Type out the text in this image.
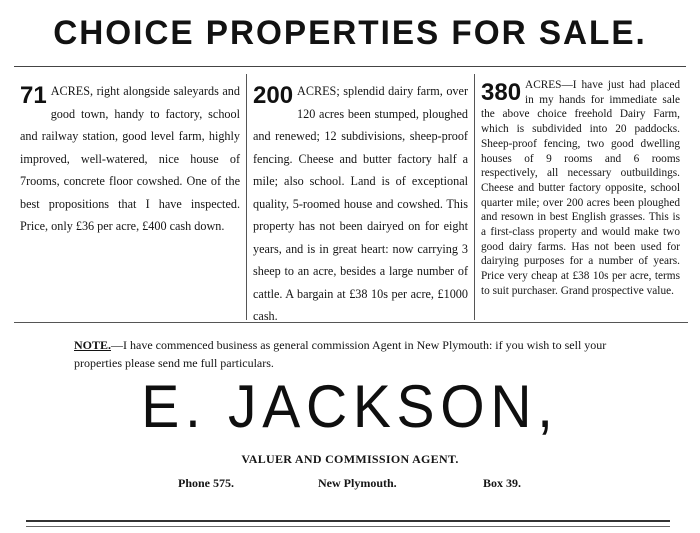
CHOICE PROPERTIES FOR SALE.
71 ACRES, right alongside saleyards and good town, handy to factory, school and railway station, good level farm, highly improved, well-watered, nice house of 7rooms, concrete floor cowshed. One of the best propositions that I have inspected. Price, only £36 per acre, £400 cash down.
200 ACRES; splendid dairy farm, over 120 acres been stumped, ploughed and renewed; 12 subdivisions, sheep-proof fencing. Cheese and butter factory half a mile; also school. Land is of exceptional quality, 5-roomed house and cowshed. This property has not been dairyed on for eight years, and is in great heart: now carrying 3 sheep to an acre, besides a large number of cattle. A bargain at £38 10s per acre, £1000 cash.
380 ACRES—I have just had placed in my hands for immediate sale the above choice freehold Dairy Farm, which is subdivided into 20 paddocks. Sheep-proof fencing, two good dwelling houses of 9 rooms and 6 rooms respectively, all necessary outbuildings. Cheese and butter factory opposite, school quarter mile; over 200 acres been ploughed and resown in best English grasses. This is a first-class property and would make two good dairy farms. Has not been used for dairying purposes for a number of years. Price very cheap at £38 10s per acre, terms to suit purchaser. Grand prospective value.
NOTE.—I have commenced business as general commission Agent in New Plymouth: if you wish to sell your properties please send me full particulars.
E. JACKSON,
VALUER AND COMMISSION AGENT.
Phone 575.	New Plymouth.	Box 39.
